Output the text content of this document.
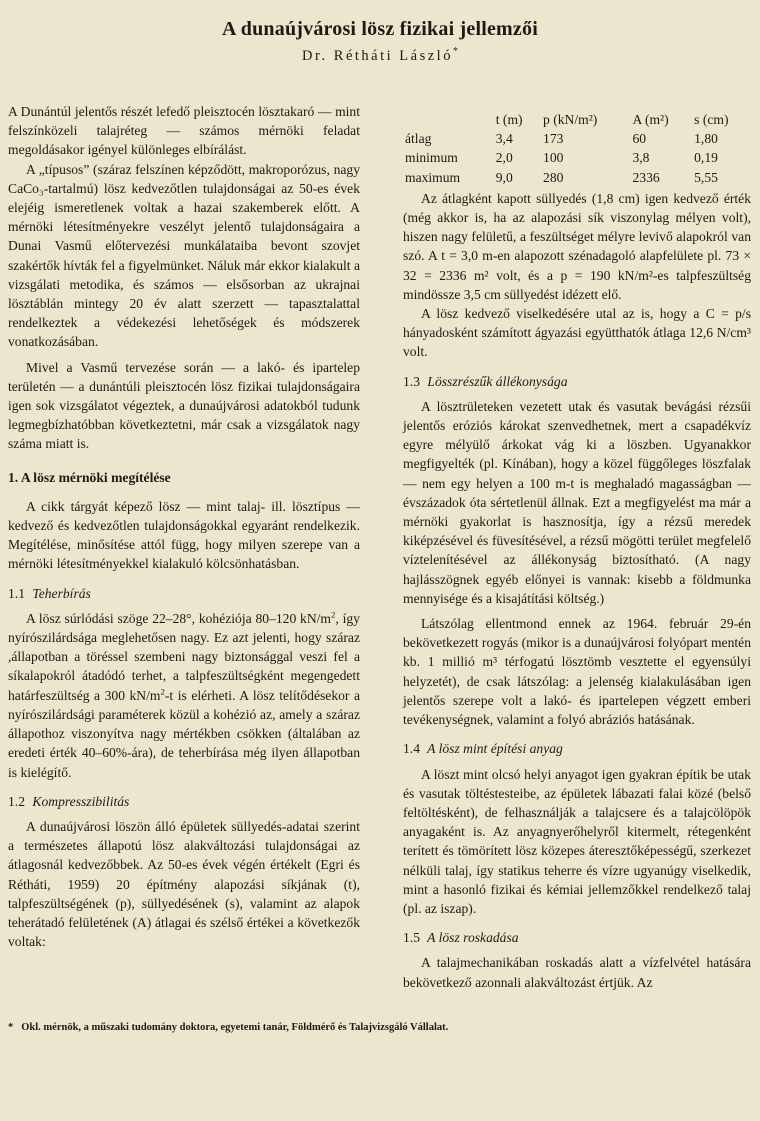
A dunaújvárosi lösz fizikai jellemzői
Dr. Rétháti László*

A Dunántúl jelentős részét lefedő pleisztocén lösztakaró — mint felszínközeli talajréteg — számos mérnöki feladat megoldásakor igényel különleges elbírálást.

A „típusos” (száraz felszínen képződött, makroporózus, nagy CaCo₃-tartalmú) lösz kedvezőtlen tulajdonságai az 50-es évek elejéig ismeretlenek voltak a hazai szakemberek előtt. A mérnöki létesítményekre veszélyt jelentő tulajdonságaira a Dunai Vasmű előtervezési munkálataiba bevont szovjet szakértők hívták fel a figyelmünket. Náluk már ekkor kialakult a vizsgálati metodika, és számos — elsősorban az ukrajnai lösztáblán mintegy 20 év alatt szerzett — tapasztalattal rendelkeztek a védekezési lehetőségek és módszerek vonatkozásában.

Mivel a Vasmű tervezése során — a lakó- és ipartelep területén — a dunántúli pleisztocén lösz fizikai tulajdonságaira igen sok vizsgálatot végeztek, a dunaújvárosi adatokból tudunk legmegbízhatóbban következtetni, már csak a vizsgálatok nagy száma miatt is.

1. A lösz mérnöki megítélése

A cikk tárgyát képező lösz — mint talaj- ill. lösztípus — kedvező és kedvezőtlen tulajdonságokkal egyaránt rendelkezik. Megítélése, minősítése attól függ, hogy milyen szerepe van a mérnöki létesítményekkel kialakuló kölcsönhatásban.

1.1 Teherbírás

A lösz súrlódási szöge 22–28°, kohéziója 80–120 $kN/m^2$, így nyírószilárdsága meglehetősen nagy. Ez azt jelenti, hogy száraz ,állapotban a töréssel szembeni nagy biztonsággal veszi fel a síkalapokról átadódó terhet, a talpfeszültségként megengedett határfeszültség a 300 $kN/m^2-t$ is elérheti. A lösz telítődésekor a nyírószilárdsági paraméterek közül a kohézió az, amely a száraz állapothoz viszonyítva nagy mértékben csökken (általában az eredeti érték 40–60%-ára), de teherbírása még ilyen állapotban is kielégítő.

1.2 Kompresszibilitás

A dunaújvárosi löszön álló épületek süllyedés-adatai szerint a természetes állapotú lösz alakváltozási tulajdonságai az átlagosnál kedvezőbbek. Az 50-es évek végén értékelt (Egri és Rétháti, 1959) 20 építmény alapozási síkjának (t), talpfeszültségének (p), süllyedésének (s), valamint az alapok teherátadó felületének (A) átlagai és szélső értékei a következők voltak:

	t (m)	p (kN/m²)	A (m²)	s (cm)
átlag	3,4	173	60	1,80
minimum	2,0	100	3,8	0,19
maximum	9,0	280	2336	5,55

Az átlagként kapott süllyedés (1,8 cm) igen kedvező érték (még akkor is, ha az alapozási sík viszonylag mélyen volt), hiszen nagy felületű, a feszültséget mélyre levivő alapokról van szó. A t = 3,0 m-en alapozott szénadagoló alapfelülete pl. 73 × 32 = 2336 m² volt, és a p = 190 kN/m²-es talpfeszültség mindössze 3,5 cm süllyedést idézett elő.

A lösz kedvező viselkedésére utal az is, hogy a C = p/s hányadosként számított ágyazási együtthatók átlaga 12,6 N/cm³ volt.

1.3 Lösszrészűk állékonysága

A lösztrületeken vezetett utak és vasutak bevágási rézsűi jelentős eróziós károkat szenvedhetnek, mert a csapadékvíz egyre mélyülő árkokat vág ki a löszben. Ugyanakkor megfigyelték (pl. Kínában), hogy a közel függőleges löszfalak — nem egy helyen a 100 m-t is meghaladó magasságban — évszázadok óta sértetlenül állnak. Ezt a megfigyelést ma már a mérnöki gyakorlat is hasznosítja, így a rézsű meredek kiképzésével és füvesítésével, a rézsű mögötti terület megfelelő víztelenítésével az állékonyság biztosítható. (A nagy hajlásszögnek egyéb előnyei is vannak: kisebb a földmunka mennyisége és a kisajátítási költség.)

Látszólag ellentmond ennek az 1964. február 29-én bekövetkezett rogyás (mikor is a dunaújvárosi folyópart mentén kb. 1 millió m³ térfogatú lösztömb vesztette el egyensúlyi helyzetét), de csak látszólag: a jelenség kialakulásában igen jelentős szerepe volt a lakó- és ipartelepen végzett emberi tevékenységnek, valamint a folyó abráziós hatásának.

1.4 A lösz mint építési anyag

A löszt mint olcsó helyi anyagot igen gyakran építik be utak és vasutak töltéstesteibe, az épületek lábazati falai közé (belső feltöltésként), de felhasználják a talajcsere és a talajcölöpök anyagaként is. Az anyagnyerőhelyről kitermelt, rétegenként terített és tömörített lösz közepes áteresztőképességű, szerkezet nélküli talaj, így statikus teherre és vízre ugyanúgy viselkedik, mint a hasonló fizikai és kémiai jellemzőkkel rendelkező talaj (pl. az iszap).

1.5 A lösz roskadása

A talajmechanikában roskadás alatt a vízfelvétel hatására bekövetkező azonnali alakváltozást értjük. Az

* Okl. mérnök, a műszaki tudomány doktora, egyetemi tanár, Földmérő és Talajvizsgáló Vállalat.
